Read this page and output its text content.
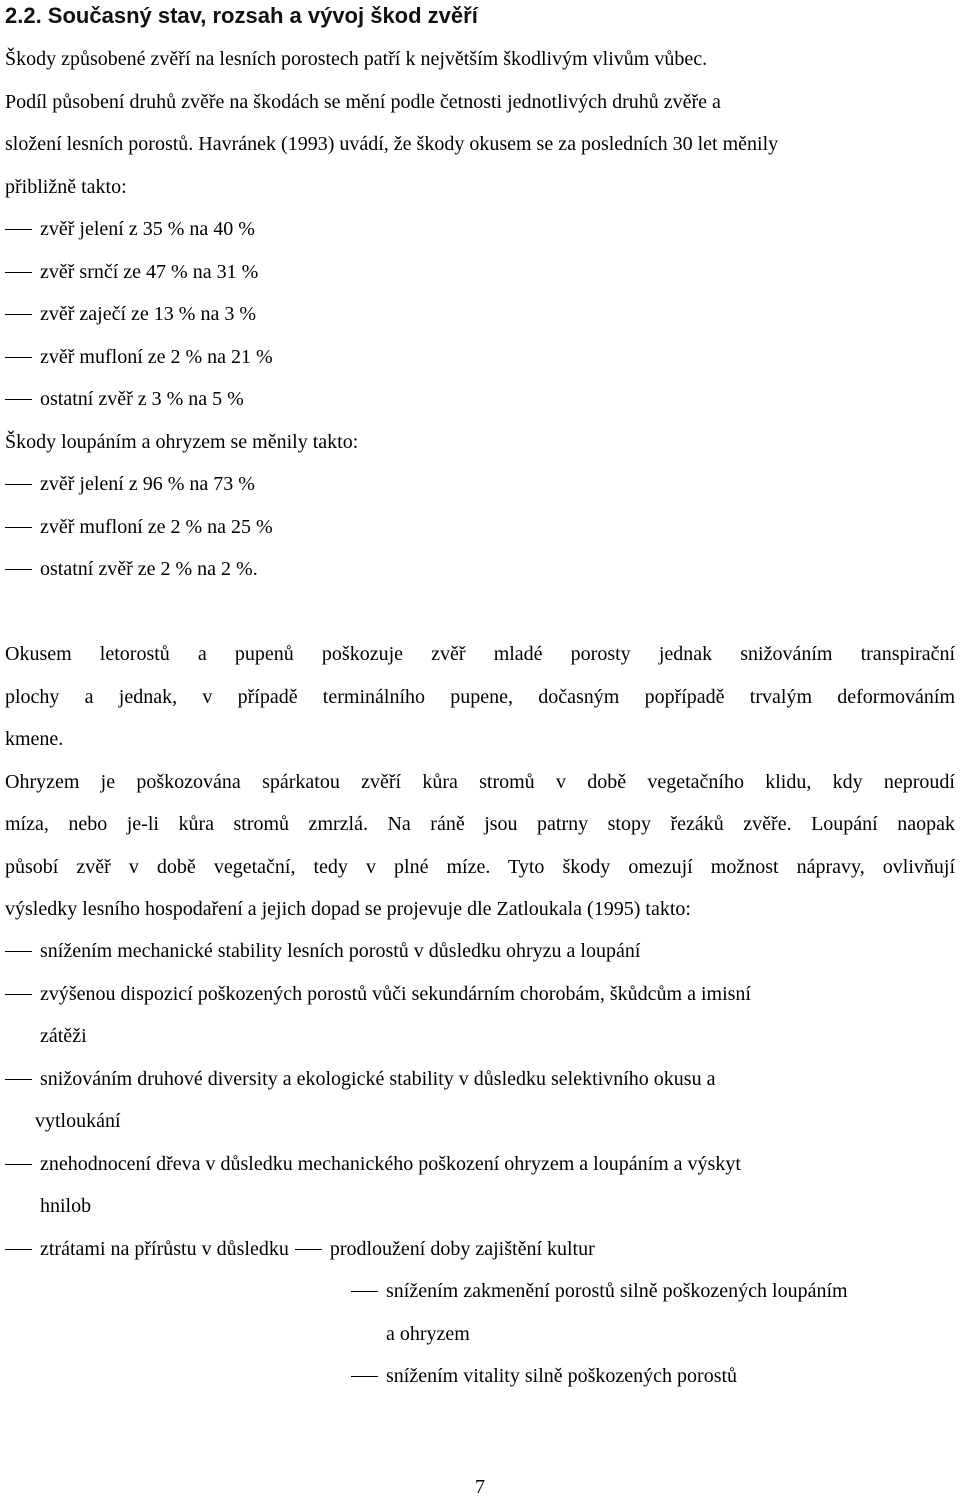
2.2. Současný stav, rozsah a vývoj škod zvěří
Škody způsobené zvěří na lesních porostech patří k největším škodlivým vlivům vůbec.
Podíl působení druhů zvěře na škodách se mění podle četnosti jednotlivých druhů zvěře a
složení lesních porostů. Havránek (1993) uvádí, že škody okusem se za posledních 30 let měnily
přibližně takto:
zvěř jelení z 35 % na 40 %
zvěř srnčí ze 47 % na 31 %
zvěř zaječí ze 13 % na 3 %
zvěř mufloní ze 2 % na 21 %
ostatní zvěř z 3 % na 5 %
Škody loupáním a ohryzem se měnily takto:
zvěř jelení z 96 % na 73 %
zvěř mufloní ze 2 % na 25 %
ostatní zvěř ze 2 % na 2 %.
Okusem letorostů a pupenů poškozuje zvěř mladé porosty jednak snižováním transpirační
plochy a jednak, v případě terminálního pupene, dočasným popřípadě trvalým deformováním
kmene.
Ohryzem je poškozována spárkatou zvěří kůra stromů v době vegetačního klidu, kdy neproudí
míza, nebo je-li kůra stromů zmrzlá. Na ráně jsou patrny stopy řezáků zvěře. Loupání naopak
působí zvěř v době vegetační, tedy v plné míze. Tyto škody omezují možnost nápravy, ovlivňují
výsledky lesního hospodaření a jejich dopad se projevuje dle Zatloukala (1995) takto:
snížením mechanické stability lesních porostů v důsledku ohryzu a loupání
zvýšenou dispozicí poškozených porostů vůči sekundárním chorobám, škůdcům a imisní
zátěži
snižováním druhové diversity a ekologické stability v důsledku selektivního okusu a
vytloukání
znehodnocení dřeva v důsledku mechanického poškození ohryzem a loupáním a výskyt
hnilob
ztrátami na přírůstu v důsledku prodloužení doby zajištění kultur
snížením zakmenění porostů silně poškozených loupáním
a ohryzem
snížením vitality silně poškozených porostů
7
